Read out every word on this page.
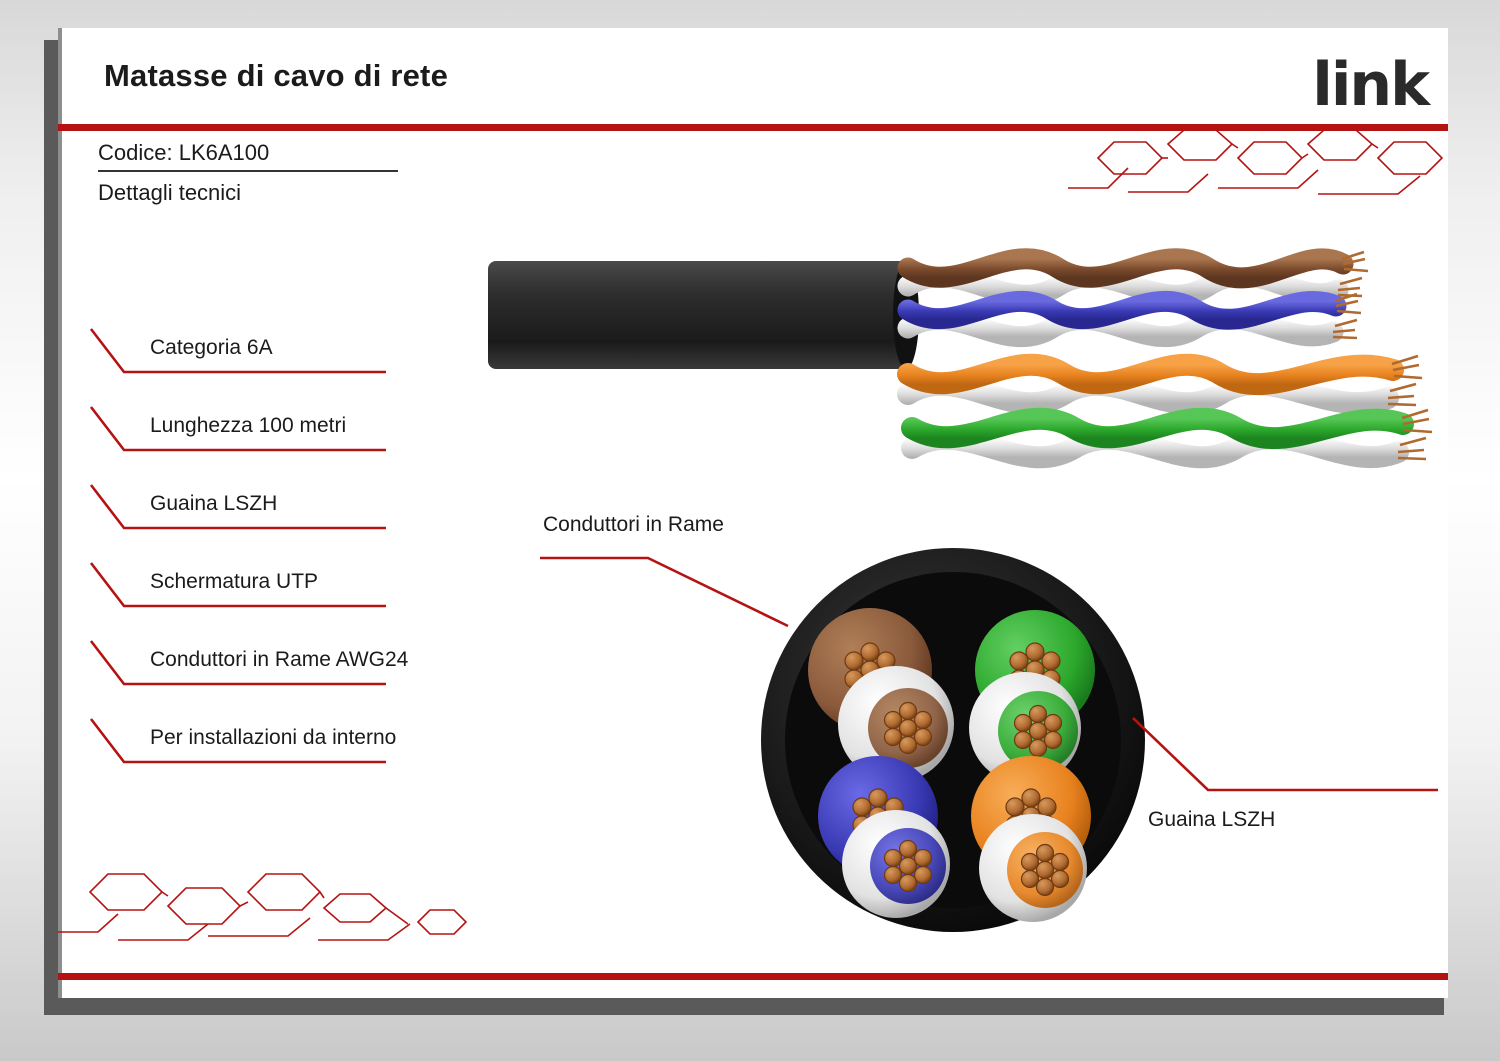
Matasse di cavo di rete	link
Codice: LK6A100
Dettagli tecnici
Categoria 6A
Lunghezza 100 metri
Guaina LSZH
Schermatura UTP
Conduttori in Rame AWG24
Per installazioni da interno
Conduttori in Rame
Guaina LSZH
